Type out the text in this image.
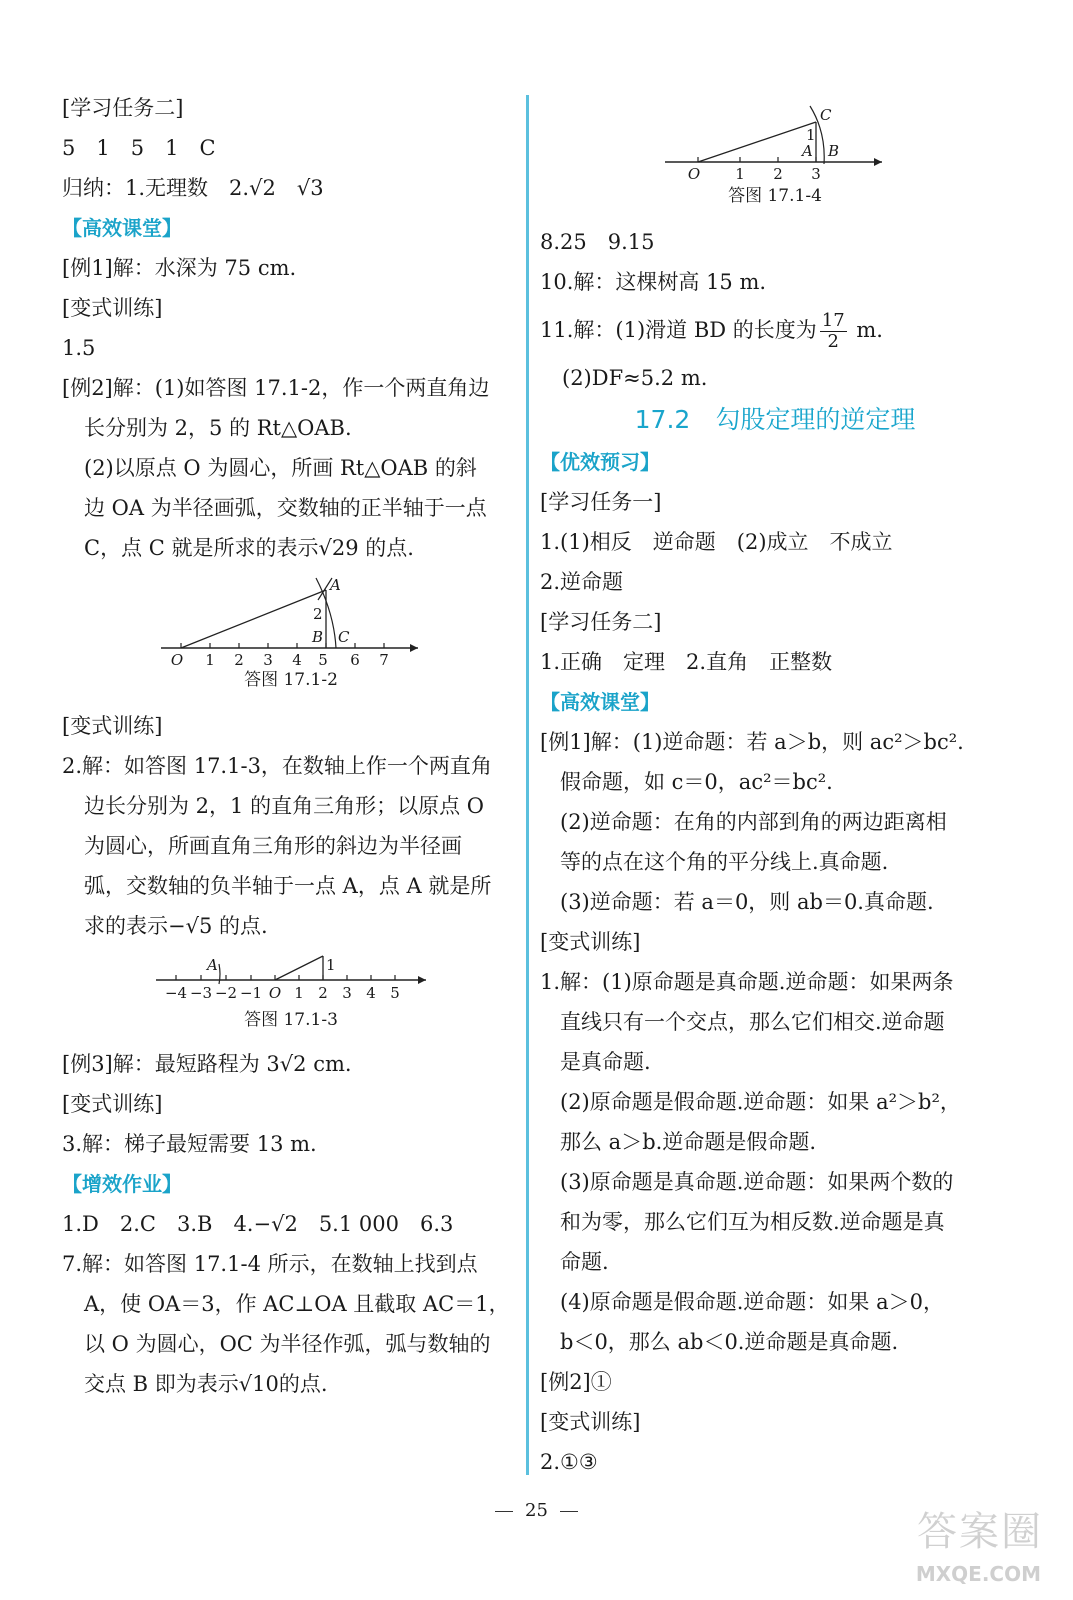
[学习任务二]
5　1　5　1　C
归纳：1.无理数　2.√2　√3
【高效课堂】
[例1]解：水深为 75 cm.
[变式训练]
1.5
[例2]解：(1)如答图 17.1-2，作一个两直角边
长分别为 2，5 的 Rt△OAB.
(2)以原点 O 为圆心，所画 Rt△OAB 的斜
边 OA 为半径画弧，交数轴的正半轴于一点
C，点 C 就是所求的表示√29 的点.
A
2
B C
O 1 2 3 4 5 6 7
答图 17.1-2
[变式训练]
2.解：如答图 17.1-3，在数轴上作一个两直角
边长分别为 2，1 的直角三角形；以原点 O
为圆心，所画直角三角形的斜边为半径画
弧，交数轴的负半轴于一点 A，点 A 就是所
求的表示−√5 的点.
A	1
−4 −3 −2 −1 O 1 2 3 4 5
答图 17.1-3
[例3]解：最短路程为 3√2 cm.
[变式训练]
3.解：梯子最短需要 13 m.
【增效作业】
1.D　2.C　3.B　4.−√2　5.1 000　6.3
7.解：如答图 17.1-4 所示，在数轴上找到点
A，使 OA＝3，作 AC⊥OA 且截取 AC＝1，
以 O 为圆心，OC 为半径作弧，弧与数轴的
交点 B 即为表示√10的点.
C
1
A B
O 1 2 3
答图 17.1-4
8.25　9.15
10.解：这棵树高 15 m.
11.解：(1)滑道 BD 的长度为 $\frac{17}{2} m$.
(2)DF≈5.2 m.
17.2　勾股定理的逆定理
【优效预习】
[学习任务一]
1.(1)相反　逆命题　(2)成立　不成立
2.逆命题
[学习任务二]
1.正确　定理　2.直角　正整数
【高效课堂】
[例1]解：(1)逆命题：若 a＞b，则 ac²＞bc².
假命题，如 c＝0，ac²＝bc².
(2)逆命题：在角的内部到角的两边距离相
等的点在这个角的平分线上.真命题.
(3)逆命题：若 a＝0，则 ab＝0.真命题.
[变式训练]
1.解：(1)原命题是真命题.逆命题：如果两条
直线只有一个交点，那么它们相交.逆命题
是真命题.
(2)原命题是假命题.逆命题：如果 a²＞b²，
那么 a＞b.逆命题是假命题.
(3)原命题是真命题.逆命题：如果两个数的
和为零，那么它们互为相反数.逆命题是真
命题.
(4)原命题是假命题.逆命题：如果 a＞0，
b＜0，那么 ab＜0.逆命题是真命题.
[例2]①
[变式训练]
2.①③
25	答案圈
MXQE.COM
